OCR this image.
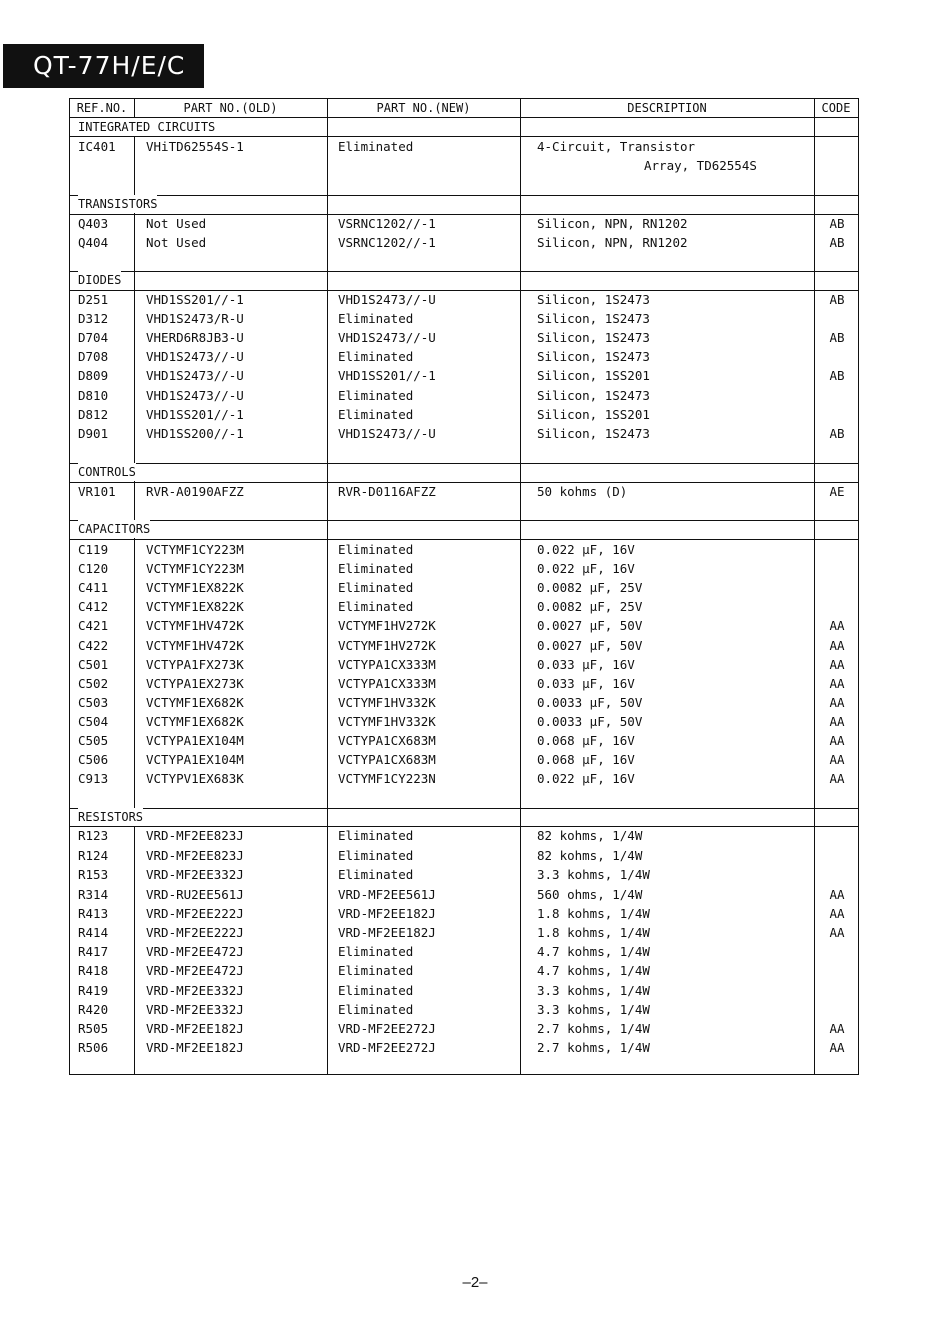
QT-77H/E/C
REF.NO.	PART NO.(OLD)	PART NO.(NEW)	DESCRIPTION	CODE
INTEGRATED CIRCUITS
IC401 VHiTD62554S-1	Eliminated	4-Circuit, Transistor
Array, TD62554S
TRANSISTORS
Q403	Not Used	VSRNC1202//-1	Silicon, NPN, RN1202	AB
Q404	Not Used	VSRNC1202//-1	Silicon, NPN, RN1202	AB
DIODES
D251	VHD1SS201//-1	VHD1S2473//-U	Silicon, 1S2473	AB
D312	VHD1S2473/R-U	Eliminated	Silicon, 1S2473
D704	VHERD6R8JB3-U	VHD1S2473//-U	Silicon, 1S2473	AB
D708	VHD1S2473//-U	Eliminated	Silicon, 1S2473
D809	VHD1S2473//-U	VHD1SS201//-1	Silicon, 1SS201	AB
D810	VHD1S2473//-U	Eliminated	Silicon, 1S2473
D812	VHD1SS201//-1	Eliminated	Silicon, 1SS201
D901	VHD1SS200//-1	VHD1S2473//-U	Silicon, 1S2473	AB
CONTROLS
VR101 RVR-A0190AFZZ	RVR-D0116AFZZ	50 kohms (D)	AE
CAPACITORS
C119	VCTYMF1CY223M	Eliminated	0.022 μF, 16V
C120	VCTYMF1CY223M	Eliminated	0.022 μF, 16V
C411	VCTYMF1EX822K	Eliminated	0.0082 μF, 25V
C412	VCTYMF1EX822K	Eliminated	0.0082 μF, 25V
C421	VCTYMF1HV472K	VCTYMF1HV272K	0.0027 μF, 50V	AA
C422	VCTYMF1HV472K	VCTYMF1HV272K	0.0027 μF, 50V	AA
C501	VCTYPA1FX273K	VCTYPA1CX333M	0.033 μF, 16V	AA
C502	VCTYPA1EX273K	VCTYPA1CX333M	0.033 μF, 16V	AA
C503	VCTYMF1EX682K	VCTYMF1HV332K	0.0033 μF, 50V	AA
C504	VCTYMF1EX682K	VCTYMF1HV332K	0.0033 μF, 50V	AA
C505	VCTYPA1EX104M	VCTYPA1CX683M	0.068 μF, 16V	AA
C506	VCTYPA1EX104M	VCTYPA1CX683M	0.068 μF, 16V	AA
C913	VCTYPV1EX683K	VCTYMF1CY223N	0.022 μF, 16V	AA
RESISTORS
R123	VRD-MF2EE823J	Eliminated	82 kohms, 1/4W
R124	VRD-MF2EE823J	Eliminated	82 kohms, 1/4W
R153	VRD-MF2EE332J	Eliminated	3.3 kohms, 1/4W
R314	VRD-RU2EE561J	VRD-MF2EE561J	560 ohms, 1/4W	AA
R413	VRD-MF2EE222J	VRD-MF2EE182J	1.8 kohms, 1/4W	AA
R414	VRD-MF2EE222J	VRD-MF2EE182J	1.8 kohms, 1/4W	AA
R417	VRD-MF2EE472J	Eliminated	4.7 kohms, 1/4W
R418	VRD-MF2EE472J	Eliminated	4.7 kohms, 1/4W
R419	VRD-MF2EE332J	Eliminated	3.3 kohms, 1/4W
R420	VRD-MF2EE332J	Eliminated	3.3 kohms, 1/4W
R505	VRD-MF2EE182J	VRD-MF2EE272J	2.7 kohms, 1/4W	AA
R506	VRD-MF2EE182J	VRD-MF2EE272J	2.7 kohms, 1/4W	AA
–2–
